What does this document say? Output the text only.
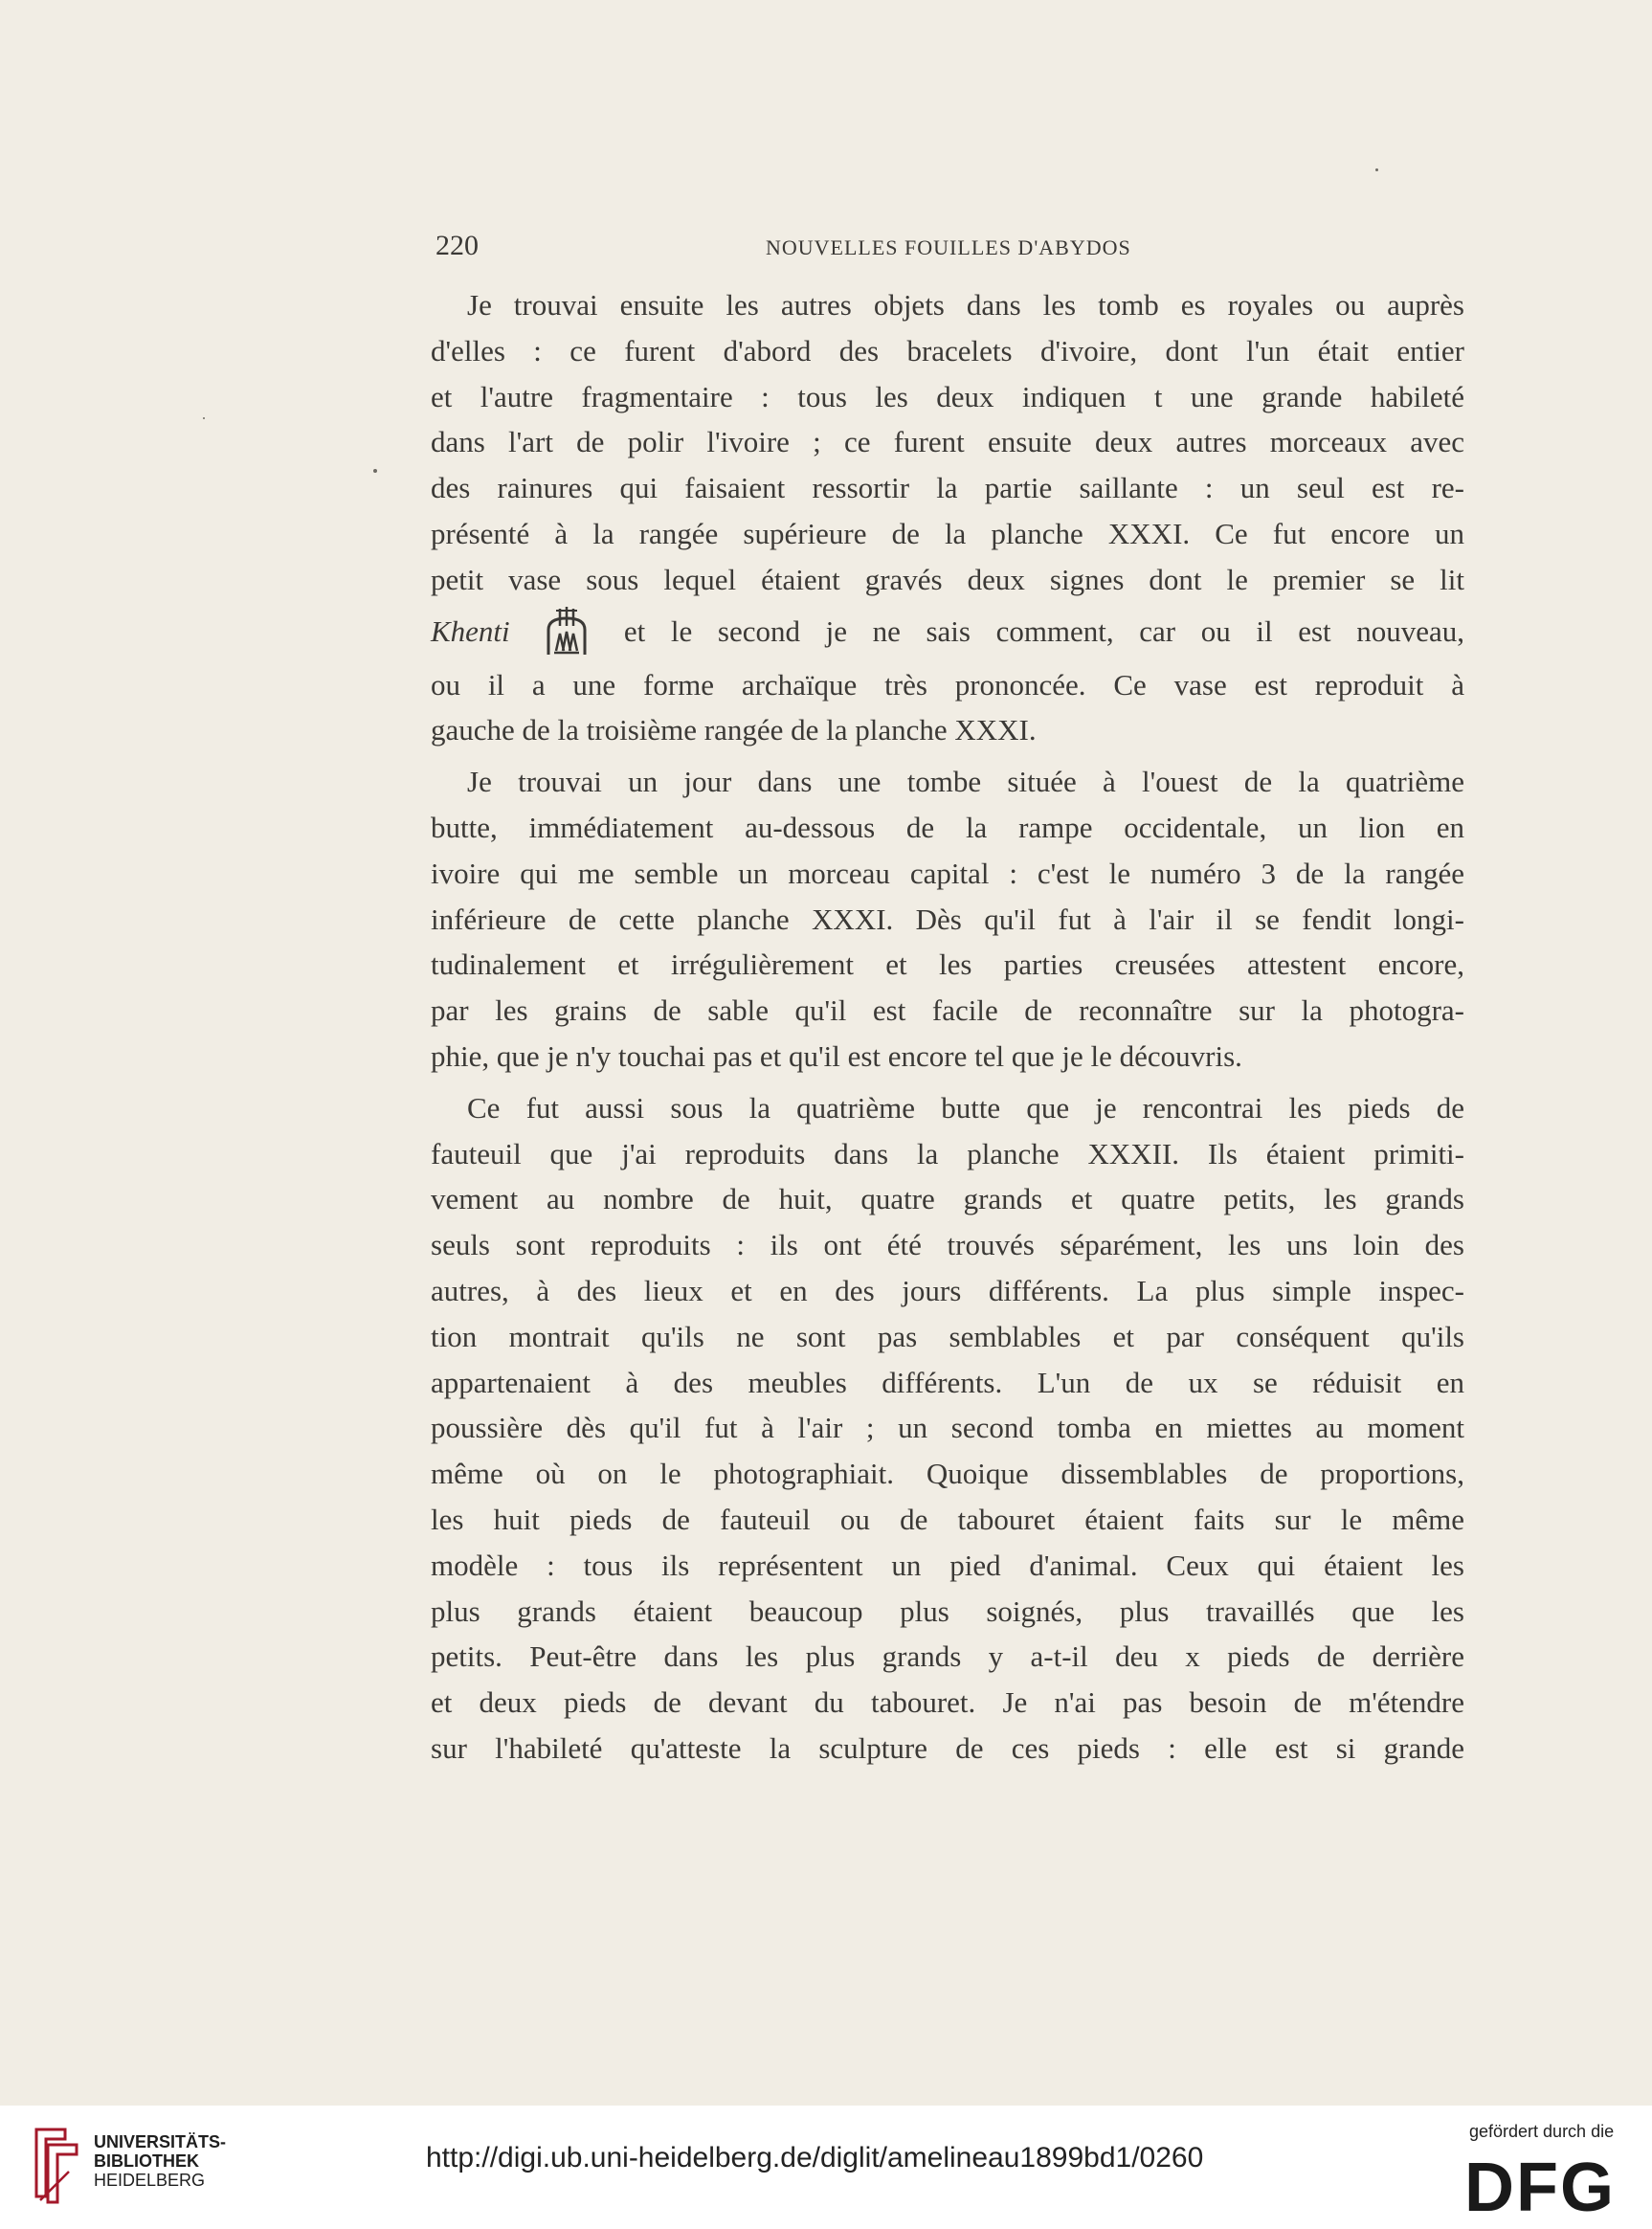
220	NOUVELLES FOUILLES D'ABYDOS
Je trouvai ensuite les autres objets dans les tomb es royales ou auprès
d'elles : ce furent d'abord des bracelets d'ivoire, dont l'un était entier
et l'autre fragmentaire : tous les deux indiquen t une grande habileté
dans l'art de polir l'ivoire ; ce furent ensuite deux autres morceaux avec
des rainures qui faisaient ressortir la partie saillante : un seul est re-
présenté à la rangée supérieure de la planche XXXI. Ce fut encore un
petit vase sous lequel étaient gravés deux signes dont le premier se lit
Khenti	et le second je ne sais comment, car ou il est nouveau,
ou il a une forme archaïque très prononcée. Ce vase est reproduit à
gauche de la troisième rangée de la planche XXXI.
Je trouvai un jour dans une tombe située à l'ouest de la quatrième
butte, immédiatement au-dessous de la rampe occidentale, un lion en
ivoire qui me semble un morceau capital : c'est le numéro 3 de la rangée
inférieure de cette planche XXXI. Dès qu'il fut à l'air il se fendit longi-
tudinalement et irrégulièrement et les parties creusées attestent encore,
par les grains de sable qu'il est facile de reconnaître sur la photogra-
phie, que je n'y touchai pas et qu'il est encore tel que je le découvris.
Ce fut aussi sous la quatrième butte que je rencontrai les pieds de
fauteuil que j'ai reproduits dans la planche XXXII. Ils étaient primiti-
vement au nombre de huit, quatre grands et quatre petits, les grands
seuls sont reproduits : ils ont été trouvés séparément, les uns loin des
autres, à des lieux et en des jours différents. La plus simple inspec-
tion montrait qu'ils ne sont pas semblables et par conséquent qu'ils
appartenaient à des meubles différents. L'un de ux se réduisit en
poussière dès qu'il fut à l'air ; un second tomba en miettes au moment
même où on le photographiait. Quoique dissemblables de proportions,
les huit pieds de fauteuil ou de tabouret étaient faits sur le même
modèle : tous ils représentent un pied d'animal. Ceux qui étaient les
plus grands étaient beaucoup plus soignés, plus travaillés que les
petits. Peut-être dans les plus grands y a-t-il deu x pieds de derrière
et deux pieds de devant du tabouret. Je n'ai pas besoin de m'étendre
sur l'habileté qu'atteste la sculpture de ces pieds : elle est si grande
UNIVERSITÄTS-
BIBLIOTHEK
HEIDELBERG
http://digi.ub.uni-heidelberg.de/diglit/amelineau1899bd1/0260
gefördert durch die
DFG
